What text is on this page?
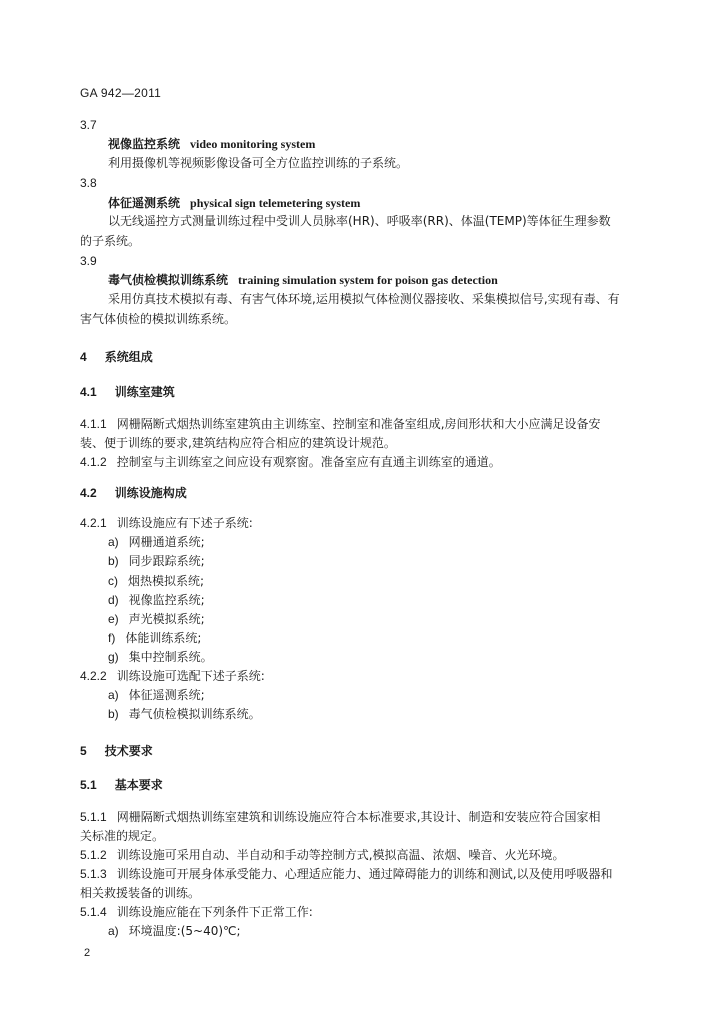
GA 942—2011
3.7
视像监控系统 video monitoring system
利用摄像机等视频影像设备可全方位监控训练的子系统。
3.8
体征遥测系统 physical sign telemetering system
以无线遥控方式测量训练过程中受训人员脉率(HR)、呼吸率(RR)、体温(TEMP)等体征生理参数
的子系统。
3.9
毒气侦检模拟训练系统 training simulation system for poison gas detection
采用仿真技术模拟有毒、有害气体环境,运用模拟气体检测仪器接收、采集模拟信号,实现有毒、有
害气体侦检的模拟训练系统。
4 系统组成
4.1 训练室建筑
4.1.1 网栅隔断式烟热训练室建筑由主训练室、控制室和准备室组成,房间形状和大小应满足设备安
装、便于训练的要求,建筑结构应符合相应的建筑设计规范。
4.1.2 控制室与主训练室之间应设有观察窗。准备室应有直通主训练室的通道。
4.2 训练设施构成
4.2.1 训练设施应有下述子系统:
a) 网栅通道系统;
b) 同步跟踪系统;
c) 烟热模拟系统;
d) 视像监控系统;
e) 声光模拟系统;
f) 体能训练系统;
g) 集中控制系统。
4.2.2 训练设施可选配下述子系统:
a) 体征遥测系统;
b) 毒气侦检模拟训练系统。
5 技术要求
5.1 基本要求
5.1.1 网栅隔断式烟热训练室建筑和训练设施应符合本标准要求,其设计、制造和安装应符合国家相
关标准的规定。
5.1.2 训练设施可采用自动、半自动和手动等控制方式,模拟高温、浓烟、噪音、火光环境。
5.1.3 训练设施可开展身体承受能力、心理适应能力、通过障碍能力的训练和测试,以及使用呼吸器和
相关救援装备的训练。
5.1.4 训练设施应能在下列条件下正常工作:
a) 环境温度:(5~40)℃;
2
